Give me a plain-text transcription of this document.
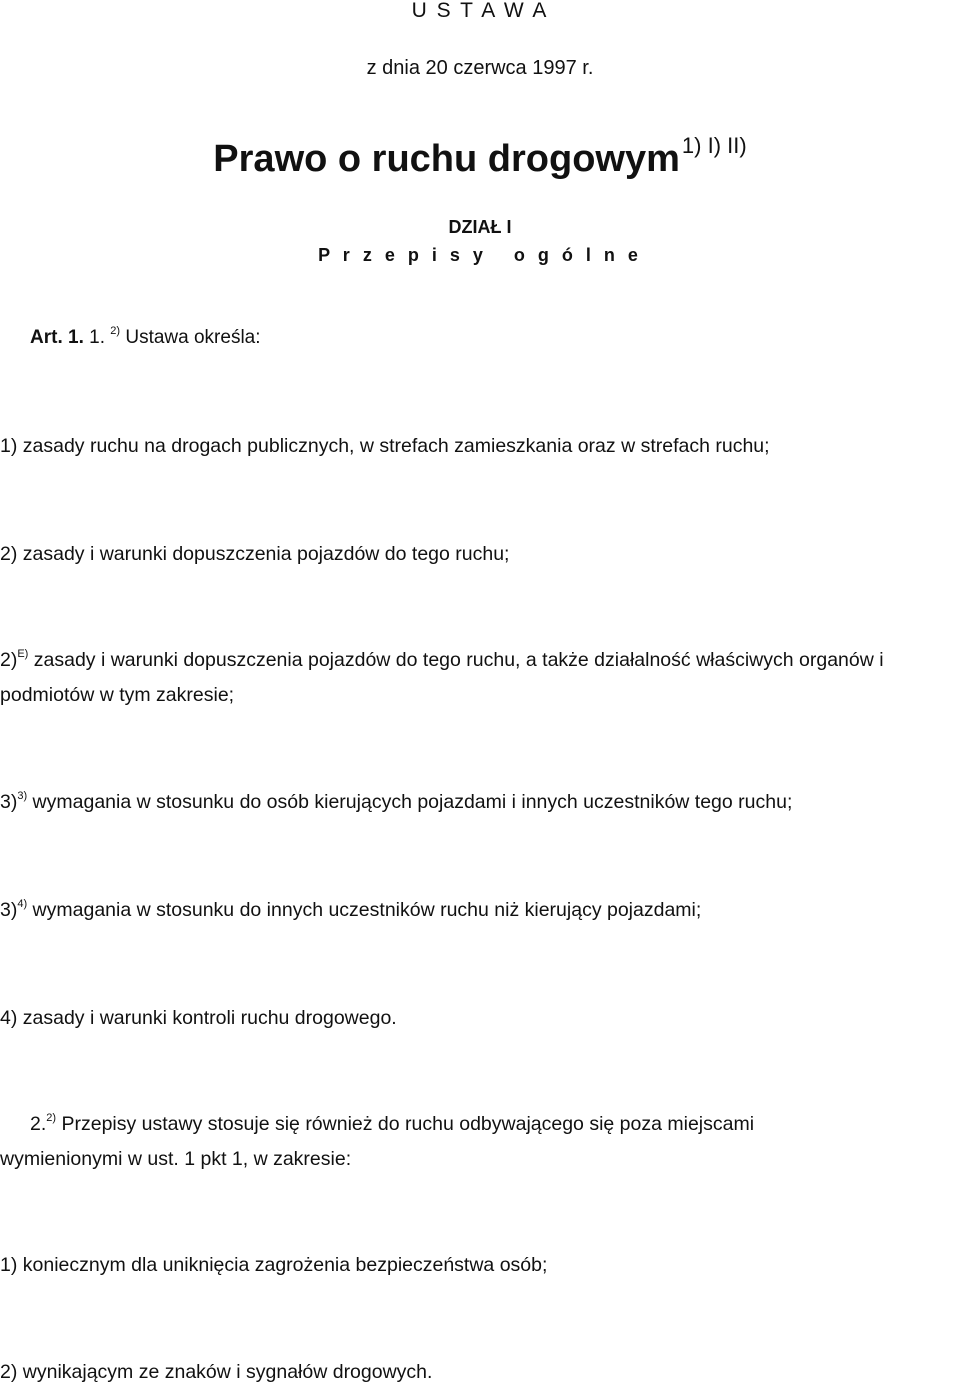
U S T A W A
z dnia 20 czerwca 1997 r.
Prawo o ruchu drogowym1) I) II)
DZIAŁ I
P r z e p i s y   o g ó l n e
Art. 1. 1. $^{2)}$ Ustawa określa:
1) zasady ruchu na drogach publicznych, w strefach zamieszkania oraz w strefach ruchu;
2) zasady i warunki dopuszczenia pojazdów do tego ruchu;
2)$^{E)}$ zasady i warunki dopuszczenia pojazdów do tego ruchu, a także działalność właściwych organów i
podmiotów w tym zakresie;
3)$^{3)}$ wymagania w stosunku do osób kierujących pojazdami i innych uczestników tego ruchu;
3)$^{4)}$ wymagania w stosunku do innych uczestników ruchu niż kierujący pojazdami;
4) zasady i warunki kontroli ruchu drogowego.
2.$^{2)}$ Przepisy ustawy stosuje się również do ruchu odbywającego się poza miejscami
wymienionymi w ust. 1 pkt 1, w zakresie:
1) koniecznym dla uniknięcia zagrożenia bezpieczeństwa osób;
2) wynikającym ze znaków i sygnałów drogowych.
